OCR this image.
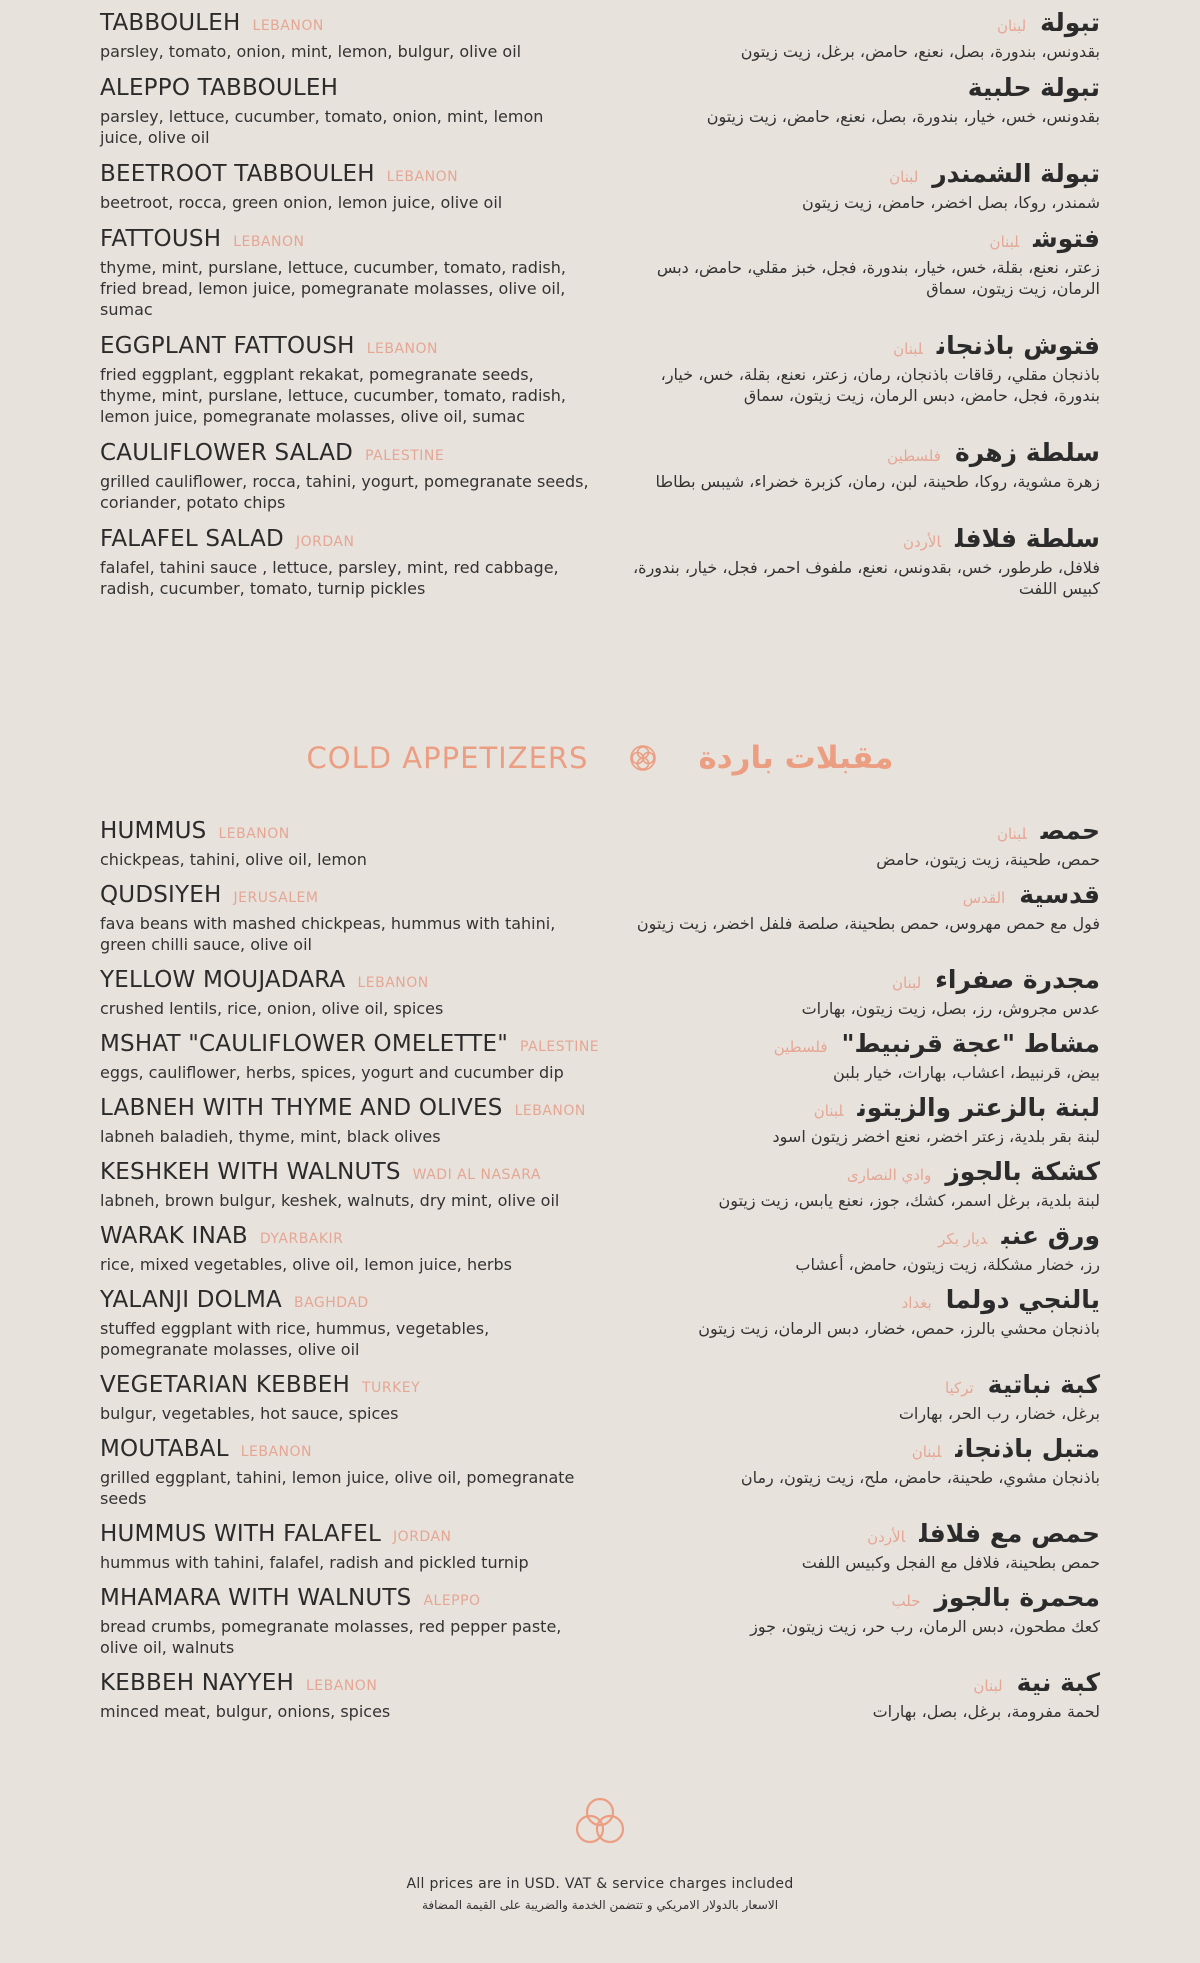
TABBOULEH LEBANON
parsley, tomato, onion, mint, lemon, bulgur, olive oil
تبولةلبنان
بقدونس، بندورة، بصل، نعنع، حامض، برغل، زيت زيتون
ALEPPO TABBOULEH
parsley, lettuce, cucumber, tomato, onion, mint, lemon juice, olive oil
تبولة حلبية
بقدونس، خس، خيار، بندورة، بصل، نعنع، حامض، زيت زيتون
BEETROOT TABBOULEH LEBANON
beetroot, rocca, green onion, lemon juice, olive oil
تبولة الشمندرلبنان
شمندر، روكا، بصل اخضر، حامض، زيت زيتون
FATTOUSH LEBANON
thyme, mint, purslane, lettuce, cucumber, tomato, radish, fried bread, lemon juice, pomegranate molasses, olive oil, sumac
فتوشلبنان
زعتر، نعنع، بقلة، خس، خيار، بندورة، فجل، خبز مقلي، حامض، دبس الرمان، زيت زيتون، سماق
EGGPLANT FATTOUSH LEBANON
fried eggplant, eggplant rekakat, pomegranate seeds, thyme, mint, purslane, lettuce, cucumber, tomato, radish, lemon juice, pomegranate molasses, olive oil, sumac
فتوش باذنجانلبنان
باذنجان مقلي، رقاقات باذنجان، رمان، زعتر، نعنع، بقلة، خس، خيار، بندورة، فجل، حامض، دبس الرمان، زيت زيتون، سماق
CAULIFLOWER SALAD PALESTINE
grilled cauliflower, rocca, tahini, yogurt, pomegranate seeds, coriander, potato chips
سلطة زهرةفلسطين
زهرة مشوية، روكا، طحينة، لبن، رمان، كزبرة خضراء، شيبس بطاطا
FALAFEL SALAD JORDAN
falafel, tahini sauce , lettuce, parsley, mint, red cabbage, radish, cucumber, tomato, turnip pickles
سلطة فلافلالأردن
فلافل، طرطور، خس، بقدونس، نعنع، ملفوف احمر، فجل، خيار، بندورة، كبيس اللفت
COLD APPETIZERS	مقبلات باردة
HUMMUS LEBANON
chickpeas, tahini, olive oil, lemon
حمصلبنان
حمص، طحينة، زيت زيتون، حامض
QUDSIYEH JERUSALEM
fava beans with mashed chickpeas, hummus with tahini, green chilli sauce, olive oil
قدسيةالقدس
فول مع حمص مهروس، حمص بطحينة، صلصة فلفل اخضر، زيت زيتون
YELLOW MOUJADARA LEBANON
crushed lentils, rice, onion, olive oil, spices
مجدرة صفراءلبنان
عدس مجروش، رز، بصل، زيت زيتون، بهارات
MSHAT "CAULIFLOWER OMELETTE" PALESTINE
eggs, cauliflower, herbs, spices, yogurt and cucumber dip
مشاط "عجة قرنبيط"فلسطين
بيض، قرنبيط، اعشاب، بهارات، خيار بلبن
LABNEH WITH THYME AND OLIVES LEBANON
labneh baladieh, thyme, mint, black olives
لبنة بالزعتر والزيتونلبنان
لبنة بقر بلدية، زعتر اخضر، نعنع اخضر زيتون اسود
KESHKEH WITH WALNUTS WADI AL NASARA
labneh, brown bulgur, keshek, walnuts, dry mint, olive oil
كشكة بالجوزوادي النصارى
لبنة بلدية، برغل اسمر، كشك، جوز، نعنع يابس، زيت زيتون
WARAK INAB DYARBAKIR
rice, mixed vegetables, olive oil, lemon juice, herbs
ورق عنبديار بكر
رز، خضار مشكلة، زيت زيتون، حامض، أعشاب
YALANJI DOLMA BAGHDAD
stuffed eggplant with rice, hummus, vegetables, pomegranate molasses, olive oil
يالنجي دولمابغداد
باذنجان محشي بالرز، حمص، خضار، دبس الرمان، زيت زيتون
VEGETARIAN KEBBEH TURKEY
bulgur, vegetables, hot sauce, spices
كبة نباتيةتركيا
برغل، خضار، رب الحر، بهارات
MOUTABAL LEBANON
grilled eggplant, tahini, lemon juice, olive oil, pomegranate seeds
متبل باذنجانلبنان
باذنجان مشوي، طحينة، حامض، ملح، زيت زيتون، رمان
HUMMUS WITH FALAFEL JORDAN
hummus with tahini, falafel, radish and pickled turnip
حمص مع فلافلالأردن
حمص بطحينة، فلافل مع الفجل وكبيس اللفت
MHAMARA WITH WALNUTS ALEPPO
bread crumbs, pomegranate molasses, red pepper paste, olive oil, walnuts
محمرة بالجوزحلب
كعك مطحون، دبس الرمان، رب حر، زيت زيتون، جوز
KEBBEH NAYYEH LEBANON
minced meat, bulgur, onions, spices
كبة نيةلبنان
لحمة مفرومة، برغل، بصل، بهارات
All prices are in USD. VAT & service charges included
الاسعار بالدولار الامريكي و تتضمن الخدمة والضريبة على القيمة المضافة
